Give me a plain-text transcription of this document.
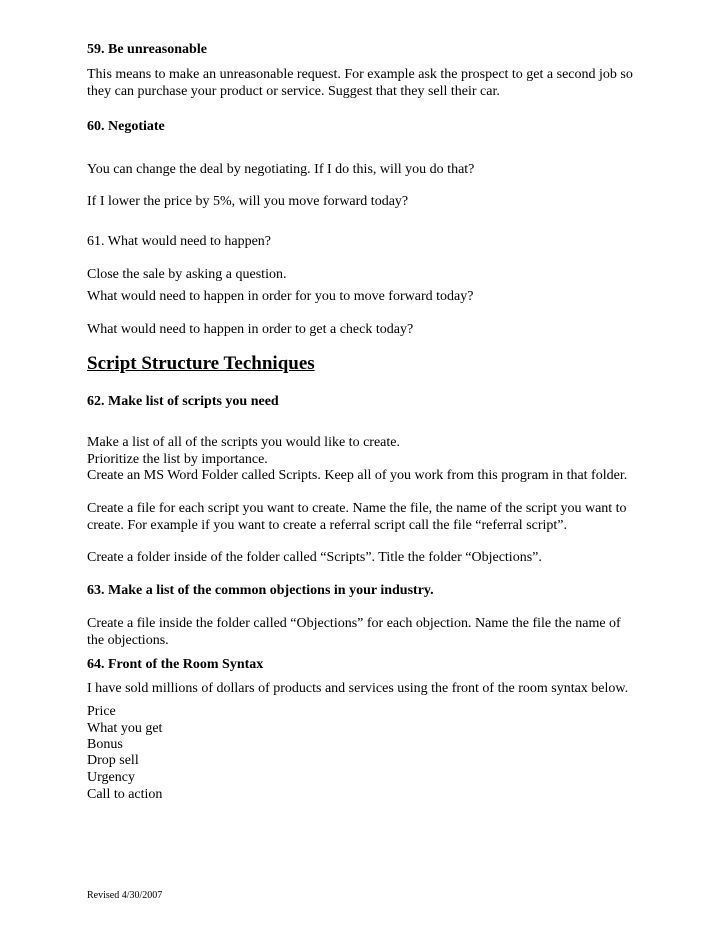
59. Be unreasonable

This means to make an unreasonable request. For example ask the prospect to get a second job so

they can purchase your product or service. Suggest that they sell their car.

60. Negotiate

You can change the deal by negotiating. If I do this, will you do that?

If I lower the price by 5%, will you move forward today?

61. What would need to happen?

Close the sale by asking a question.

What would need to happen in order for you to move forward today?

What would need to happen in order to get a check today?

Script Structure Techniques

62. Make list of scripts you need

Make a list of all of the scripts you would like to create.

Prioritize the list by importance.

Create an MS Word Folder called Scripts. Keep all of you work from this program in that folder.

Create a file for each script you want to create. Name the file, the name of the script you want to

create. For example if you want to create a referral script call the file “referral script”.

Create a folder inside of the folder called “Scripts”. Title the folder “Objections”.

63. Make a list of the common objections in your industry.

Create a file inside the folder called “Objections” for each objection. Name the file the name of

the objections.

64. Front of the Room Syntax

I have sold millions of dollars of products and services using the front of the room syntax below.

Price

What you get

Bonus

Drop sell

Urgency

Call to action

Revised 4/30/2007
